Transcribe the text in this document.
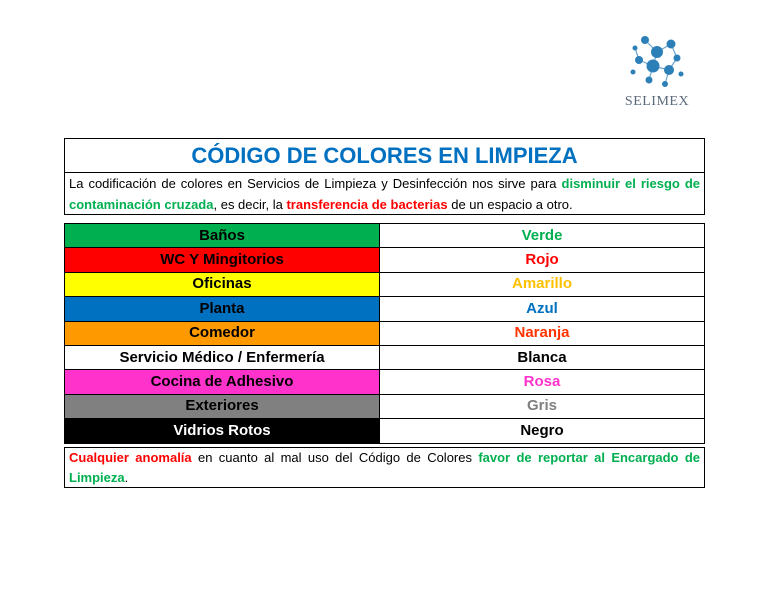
SELIMEX
CÓDIGO DE COLORES EN LIMPIEZA
La codificación de colores en Servicios de Limpieza y Desinfección nos sirve para disminuir el riesgo de contaminación cruzada, es decir, la transferencia de bacterias de un espacio a otro.
Baños	Verde
WC Y Mingitorios	Rojo
Oficinas	Amarillo
Planta	Azul
Comedor	Naranja
Servicio Médico / Enfermería	Blanca
Cocina de Adhesivo	Rosa
Exteriores	Gris
Vidrios Rotos	Negro
Cualquier anomalía en cuanto al mal uso del Código de Colores favor de reportar al Encargado de Limpieza.
